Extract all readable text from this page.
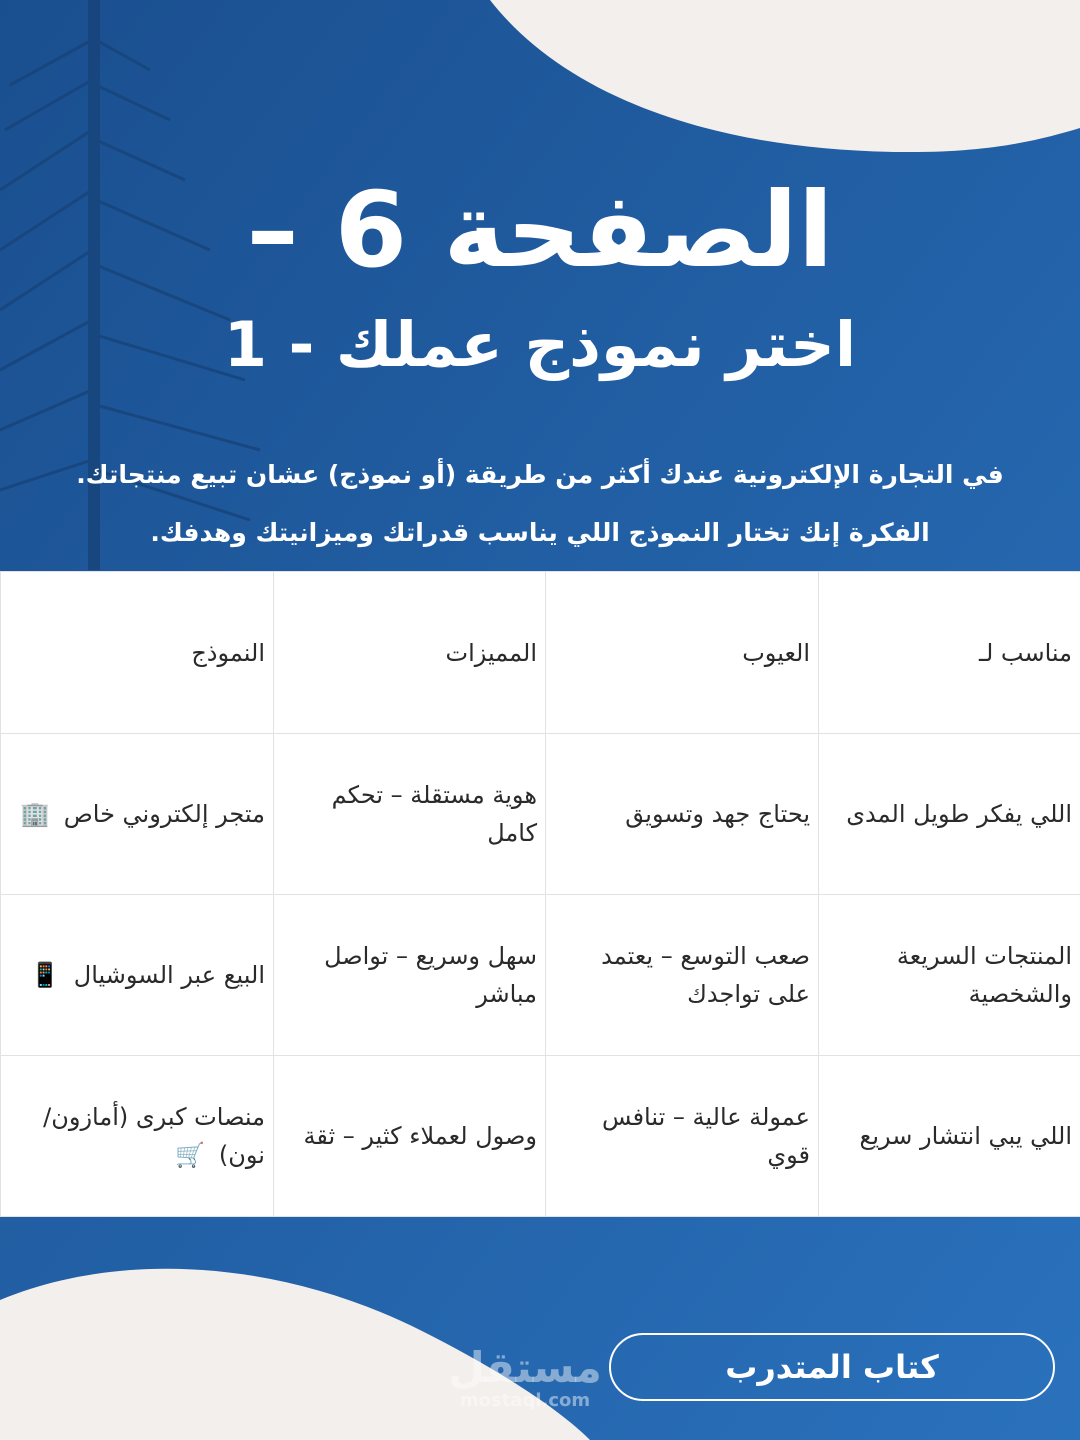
الصفحة 6 –
اختر نموذج عملك - 1

في التجارة الإلكترونية عندك أكثر من طريقة (أو نموذج) عشان تبيع منتجاتك.

الفكرة إنك تختار النموذج اللي يناسب قدراتك وميزانيتك وهدفك.

النموذج	المميزات	العيوب	مناسب لـ
متجر إلكتروني خاص 🏢	هوية مستقلة – تحكم كامل	يحتاج جهد وتسويق	اللي يفكر طويل المدى
البيع عبر السوشيال 📱	سهل وسريع – تواصل مباشر	صعب التوسع – يعتمد على تواجدك	المنتجات السريعة والشخصية
منصات كبرى (أمازون/نون) 🛒	وصول لعملاء كثير – ثقة	عمولة عالية – تنافس قوي	اللي يبي انتشار سريع
كتاب المتدرب
مستقل
mostaql.com
